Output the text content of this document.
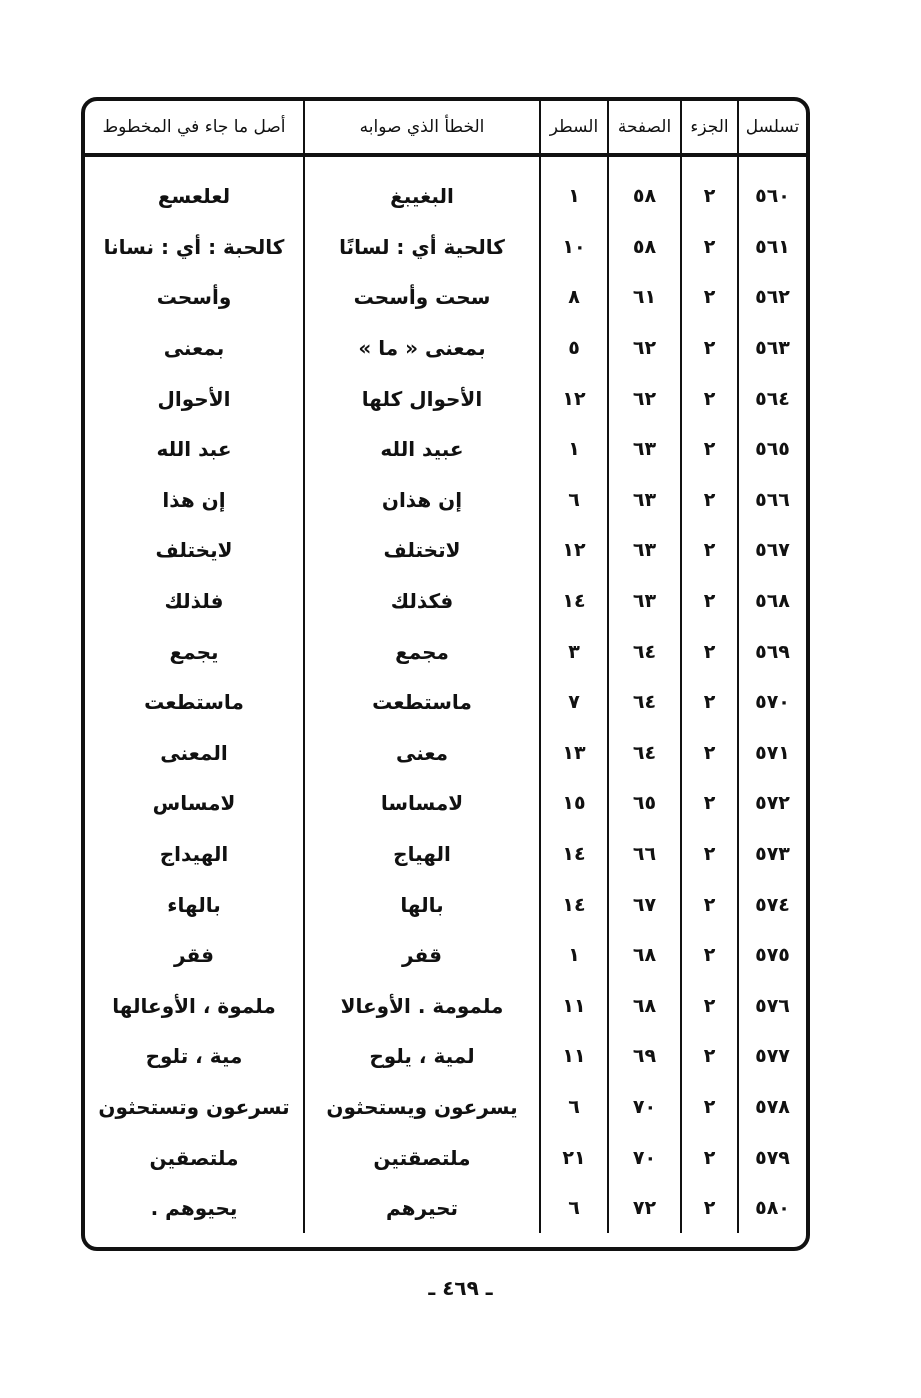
تسلسل	الجزء	الصفحة	السطر	الخطأ الذي صوابه	أصل ما جاء في المخطوط
٥٦٠	٢	٥٨	١	البغيبغ	لعلعسع
٥٦١	٢	٥٨	١٠	كالحية أي : لسانًا	كالحبة : أي : نسانا
٥٦٢	٢	٦١	٨	سحت وأسحت	وأسحت
٥٦٣	٢	٦٢	٥	بمعنى « ما »	بمعنى
٥٦٤	٢	٦٢	١٢	الأحوال كلها	الأحوال
٥٦٥	٢	٦٣	١	عبيد الله	عبد الله
٥٦٦	٢	٦٣	٦	إن هذان	إن هذا
٥٦٧	٢	٦٣	١٢	لاتختلف	لايختلف
٥٦٨	٢	٦٣	١٤	فكذلك	فلذلك
٥٦٩	٢	٦٤	٣	مجمع	يجمع
٥٧٠	٢	٦٤	٧	ماستطعت	ماستطعت
٥٧١	٢	٦٤	١٣	معنى	المعنى
٥٧٢	٢	٦٥	١٥	لامساسا	لامساس
٥٧٣	٢	٦٦	١٤	الهياج	الهيداج
٥٧٤	٢	٦٧	١٤	بالها	بالهاء
٥٧٥	٢	٦٨	١	قفر	فقر
٥٧٦	٢	٦٨	١١	ملمومة . الأوعالا	ملموة ، الأوعالها
٥٧٧	٢	٦٩	١١	لمية ، يلوح	مية ، تلوح
٥٧٨	٢	٧٠	٦	يسرعون ويستحثون	تسرعون وتستحثون
٥٧٩	٢	٧٠	٢١	ملتصقتين	ملتصقين
٥٨٠	٢	٧٢	٦	تحيرهم	يحيوهم .
ـ ٤٦٩ ـ
